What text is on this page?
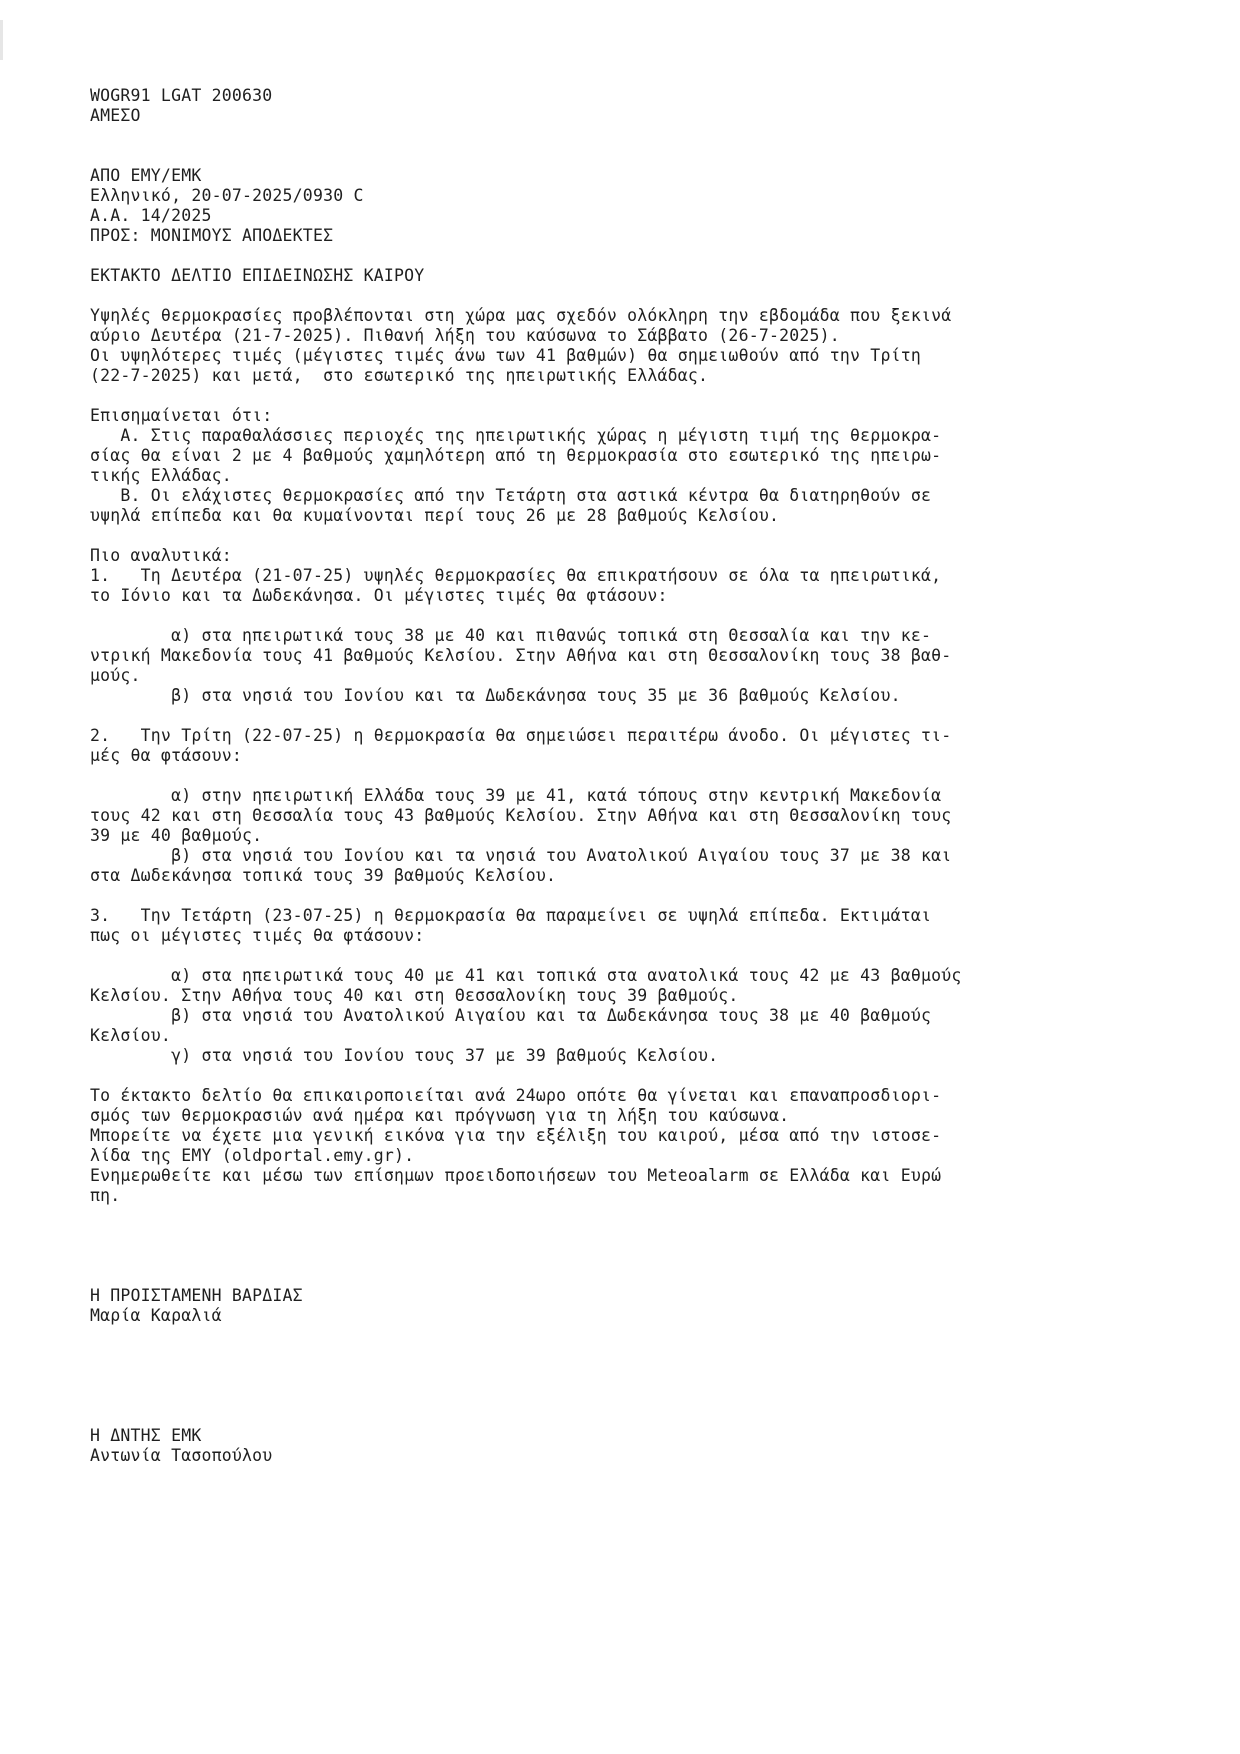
WOGR91 LGAT 200630
ΑΜΕΣΟ
ΑΠΟ ΕΜΥ/ΕΜΚ
Ελληνικό, 20-07-2025/0930 C
Α.Α. 14/2025
ΠΡΟΣ: ΜΟΝΙΜΟΥΣ ΑΠΟΔΕΚΤΕΣ
ΕΚΤΑΚΤΟ ΔΕΛΤΙΟ ΕΠΙΔΕΙΝΩΣΗΣ ΚΑΙΡΟΥ
Υψηλές θερμοκρασίες προβλέπονται στη χώρα μας σχεδόν ολόκληρη την εβδομάδα που ξεκινά
αύριο Δευτέρα (21-7-2025). Πιθανή λήξη του καύσωνα το Σάββατο (26-7-2025).
Οι υψηλότερες τιμές (μέγιστες τιμές άνω των 41 βαθμών) θα σημειωθούν από την Τρίτη
(22-7-2025) και μετά,  στο εσωτερικό της ηπειρωτικής Ελλάδας.
Επισημαίνεται ότι:
Α. Στις παραθαλάσσιες περιοχές της ηπειρωτικής χώρας η μέγιστη τιμή της θερμοκρα-
σίας θα είναι 2 με 4 βαθμούς χαμηλότερη από τη θερμοκρασία στο εσωτερικό της ηπειρω-
τικής Ελλάδας.
Β. Οι ελάχιστες θερμοκρασίες από την Τετάρτη στα αστικά κέντρα θα διατηρηθούν σε
υψηλά επίπεδα και θα κυμαίνονται περί τους 26 με 28 βαθμούς Κελσίου.
Πιο αναλυτικά:
1.   Τη Δευτέρα (21-07-25) υψηλές θερμοκρασίες θα επικρατήσουν σε όλα τα ηπειρωτικά,
το Ιόνιο και τα Δωδεκάνησα. Οι μέγιστες τιμές θα φτάσουν:
α) στα ηπειρωτικά τους 38 με 40 και πιθανώς τοπικά στη Θεσσαλία και την κε-
ντρική Μακεδονία τους 41 βαθμούς Κελσίου. Στην Αθήνα και στη Θεσσαλονίκη τους 38 βαθ-
μούς.
β) στα νησιά του Ιονίου και τα Δωδεκάνησα τους 35 με 36 βαθμούς Κελσίου.
2.   Την Τρίτη (22-07-25) η θερμοκρασία θα σημειώσει περαιτέρω άνοδο. Οι μέγιστες τι-
μές θα φτάσουν:
α) στην ηπειρωτική Ελλάδα τους 39 με 41, κατά τόπους στην κεντρική Μακεδονία
τους 42 και στη Θεσσαλία τους 43 βαθμούς Κελσίου. Στην Αθήνα και στη Θεσσαλονίκη τους
39 με 40 βαθμούς.
β) στα νησιά του Ιονίου και τα νησιά του Ανατολικού Αιγαίου τους 37 με 38 και
στα Δωδεκάνησα τοπικά τους 39 βαθμούς Κελσίου.
3.   Την Τετάρτη (23-07-25) η θερμοκρασία θα παραμείνει σε υψηλά επίπεδα. Εκτιμάται
πως οι μέγιστες τιμές θα φτάσουν:
α) στα ηπειρωτικά τους 40 με 41 και τοπικά στα ανατολικά τους 42 με 43 βαθμούς
Κελσίου. Στην Αθήνα τους 40 και στη Θεσσαλονίκη τους 39 βαθμούς.
β) στα νησιά του Ανατολικού Αιγαίου και τα Δωδεκάνησα τους 38 με 40 βαθμούς
Κελσίου.
γ) στα νησιά του Ιονίου τους 37 με 39 βαθμούς Κελσίου.
Το έκτακτο δελτίο θα επικαιροποιείται ανά 24ωρο οπότε θα γίνεται και επαναπροσδιορι-
σμός των θερμοκρασιών ανά ημέρα και πρόγνωση για τη λήξη του καύσωνα.
Μπορείτε να έχετε μια γενική εικόνα για την εξέλιξη του καιρού, μέσα από την ιστοσε-
λίδα της ΕΜΥ (oldportal.emy.gr).
Ενημερωθείτε και μέσω των επίσημων προειδοποιήσεων του Meteoalarm σε Ελλάδα και Ευρώ
πη.
Η ΠΡΟΙΣΤΑΜΕΝΗ ΒΑΡΔΙΑΣ
Μαρία Καραλιά
Η ΔΝΤΗΣ ΕΜΚ
Αντωνία Τασοπούλου
